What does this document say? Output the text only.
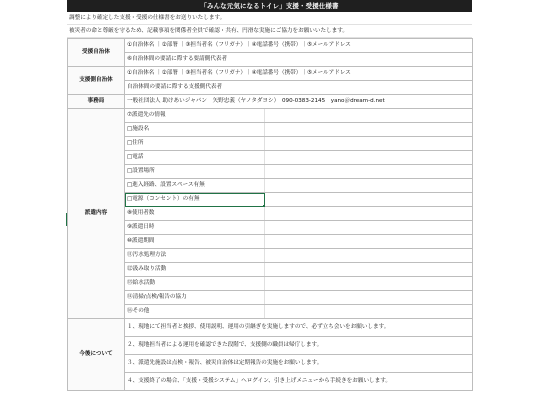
「みんな元気になるトイレ」支援・受援仕様書
調整により確定した支援・受援の仕様書をお送りいたします。
被災者の命と尊厳を守るため、記載事項を関係者全員で確認・共有、円滑な実施にご協力をお願いいたします。
受援自治体	①自治体名 ｜②部署 ｜③担当者名（フリガナ）｜④電話番号（携帯）｜⑤メールアドレス	
	⑥自治体間の要請に際する要請側代表者	
支援側自治体	①自治体名 ｜②部署 ｜③担当者名（フリガナ）｜④電話番号（携帯）｜⑤メールアドレス	
	自治体間の要請に際する支援側代表者	
事務局	一般社団法人 助けあいジャパン　矢野忠義（ヤノタダヨシ）　090-0383-2145　yano＠dream-d.net	
派遣内容	⑦派遣先の情報	
	□施設名	
	□住所	
	□電話	
	□設置場所	
	□進入経路、設置スペース有無	
	□電源（コンセント）の有無

	⑧使用者数	
	⑨派遣日時	
	⑩派遣期間	
	⑪汚水処理方法	
	⑫汲み取り活動	
	⑬給水活動	
	⑭清掃/点検/報告の協力	
	⑯その他	
今後について	１、現地にて担当者と挨拶、使用説明、運用の引継ぎを実施しますので、必ず立ち会いをお願いします。	
	２、現地担当者による運用を確認できた段階で、支援側の職員は帰庁します。	
	３、派遣先施設は点検・報告、被災自治体は定期報告の実施をお願いします。	
	４、支援終了の場合、「支援・受援システム」へログイン、引き上げメニューから手続きをお願いします。	
